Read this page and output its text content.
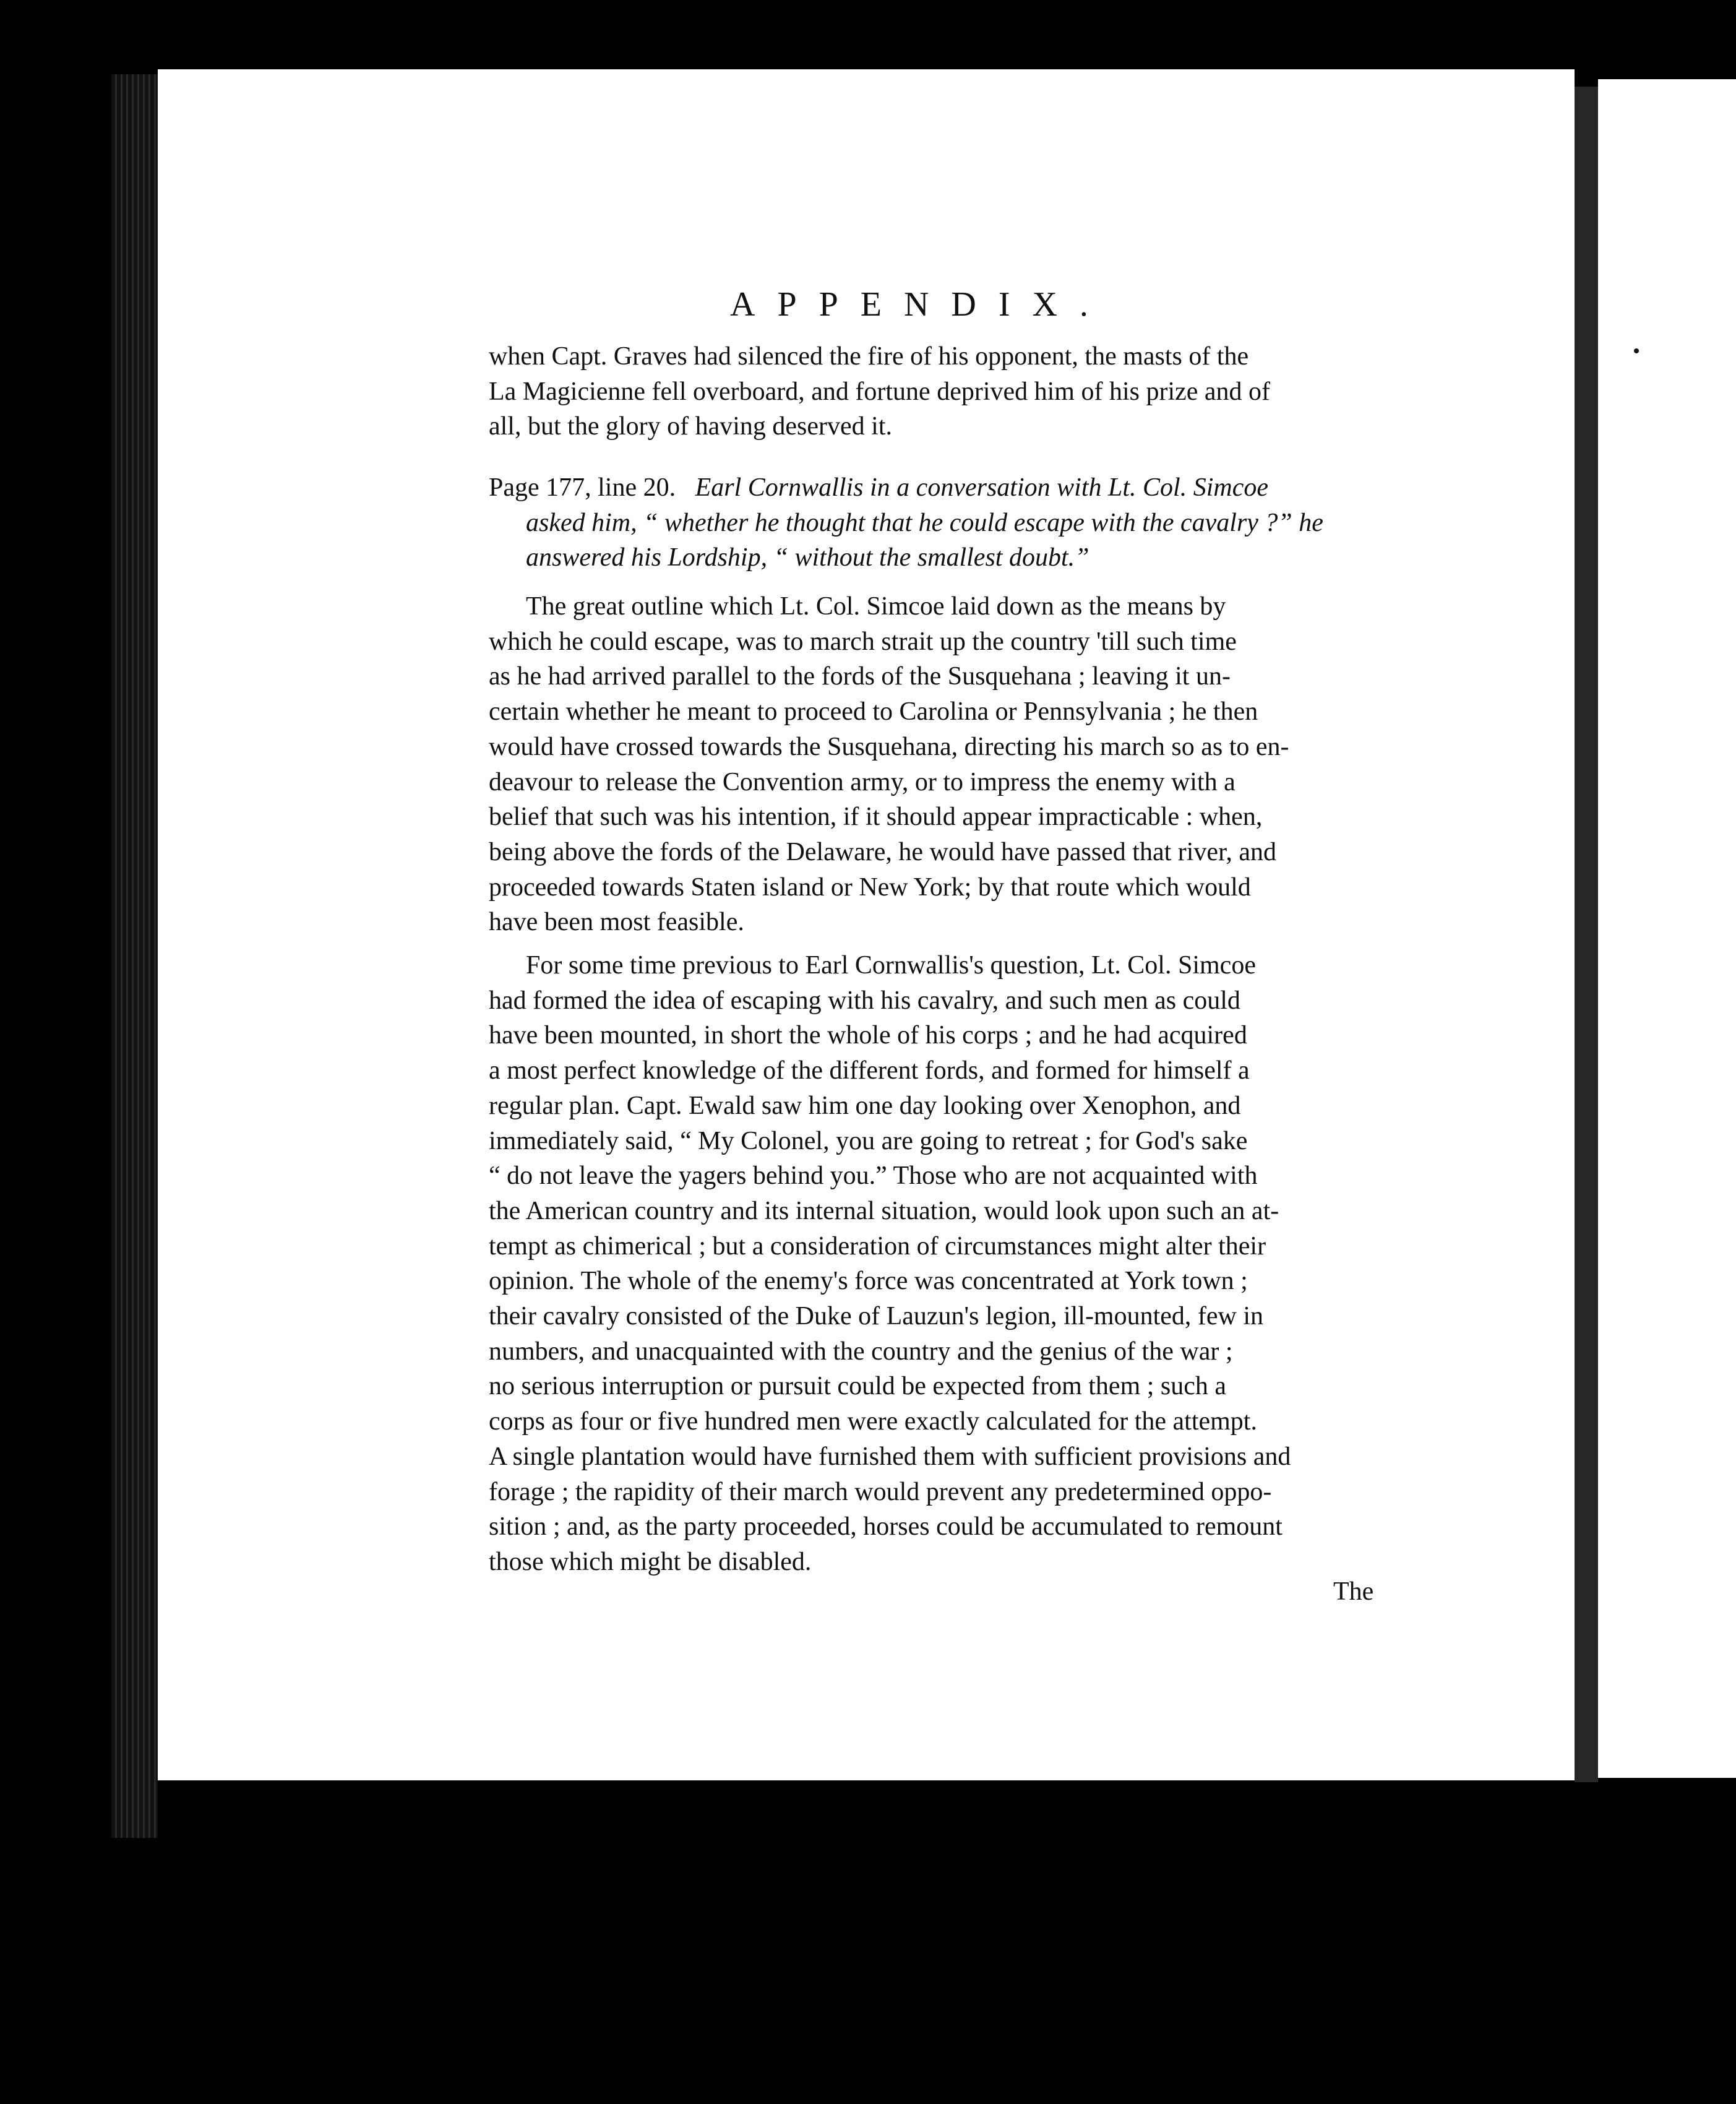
APPENDIX.
when Capt. Graves had silenced the fire of his opponent, the masts of the
La Magicienne fell overboard, and fortune deprived him of his prize and of
all, but the glory of having deserved it.
Page 177, line 20. Earl Cornwallis in a conversation with Lt. Col. Simcoe
asked him, “ whether he thought that he could escape with the cavalry ?” he
answered his Lordship, “ without the smallest doubt.”
The great outline which Lt. Col. Simcoe laid down as the means by
which he could escape, was to march strait up the country 'till such time
as he had arrived parallel to the fords of the Susquehana ; leaving it un-
certain whether he meant to proceed to Carolina or Pennsylvania ; he then
would have crossed towards the Susquehana, directing his march so as to en-
deavour to release the Convention army, or to impress the enemy with a
belief that such was his intention, if it should appear impracticable : when,
being above the fords of the Delaware, he would have passed that river, and
proceeded towards Staten island or New York; by that route which would
have been most feasible.
For some time previous to Earl Cornwallis's question, Lt. Col. Simcoe
had formed the idea of escaping with his cavalry, and such men as could
have been mounted, in short the whole of his corps ; and he had acquired
a most perfect knowledge of the different fords, and formed for himself a
regular plan. Capt. Ewald saw him one day looking over Xenophon, and
immediately said, “ My Colonel, you are going to retreat ; for God's sake
“ do not leave the yagers behind you.” Those who are not acquainted with
the American country and its internal situation, would look upon such an at-
tempt as chimerical ; but a consideration of circumstances might alter their
opinion. The whole of the enemy's force was concentrated at York town ;
their cavalry consisted of the Duke of Lauzun's legion, ill-mounted, few in
numbers, and unacquainted with the country and the genius of the war ;
no serious interruption or pursuit could be expected from them ; such a
corps as four or five hundred men were exactly calculated for the attempt.
A single plantation would have furnished them with sufficient provisions and
forage ; the rapidity of their march would prevent any predetermined oppo-
sition ; and, as the party proceeded, horses could be accumulated to remount
those which might be disabled.
The
